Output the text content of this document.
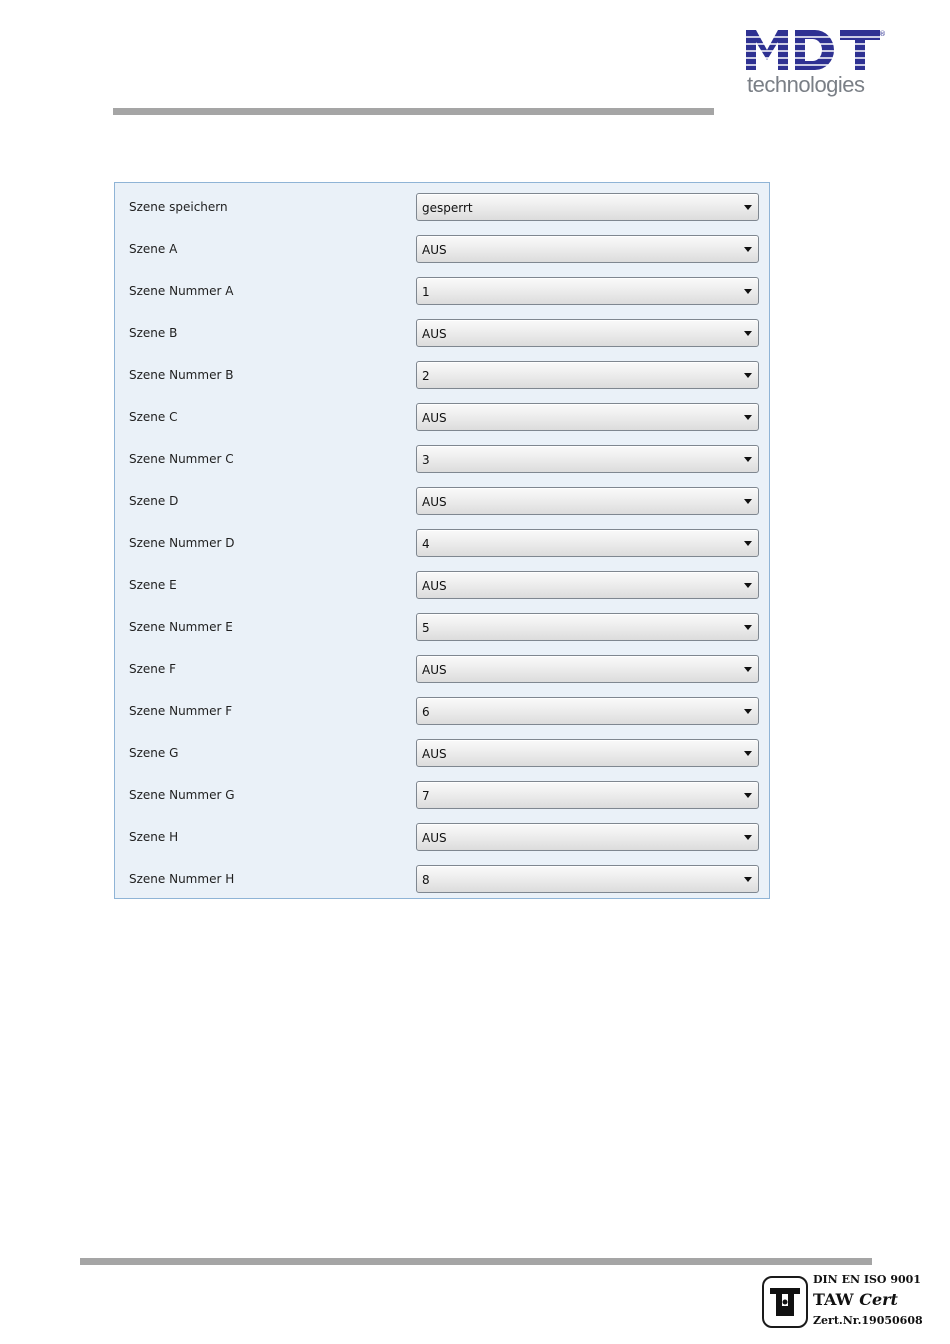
®
technologies
Szene speichern	gesperrt
Szene A	AUS
Szene Nummer A	1
Szene B	AUS
Szene Nummer B	2
Szene C	AUS
Szene Nummer C	3
Szene D	AUS
Szene Nummer D	4
Szene E	AUS
Szene Nummer E	5
Szene F	AUS
Szene Nummer F	6
Szene G	AUS
Szene Nummer G	7
Szene H	AUS
Szene Nummer H	8
DIN EN ISO 9001
TAW Cert
Zert.Nr.19050608
